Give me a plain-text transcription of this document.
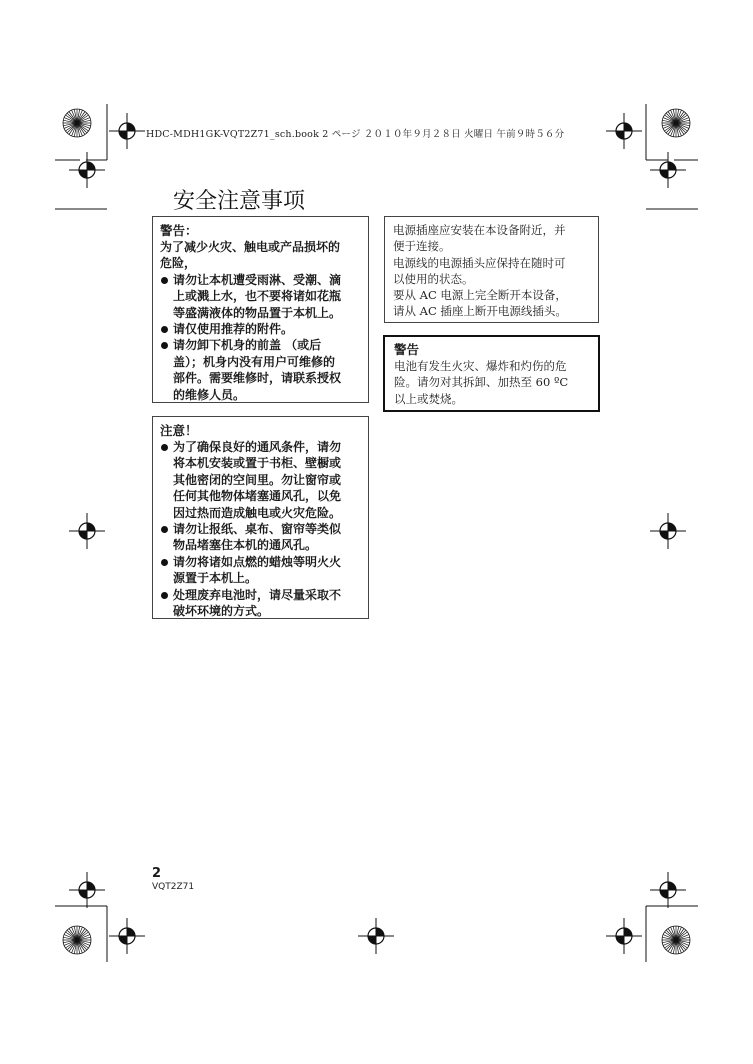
HDC-MDH1GK-VQT2Z71_sch.book 2 ページ ２０１０年９月２８日 火曜日 午前９時５６分
安全注意事项
警告：
为了减少火灾、触电或产品损坏的
危险，
请勿让本机遭受雨淋、受潮、滴
上或溅上水，也不要将诸如花瓶
等盛满液体的物品置于本机上。
请仅使用推荐的附件。
请勿卸下机身的前盖 （或后
盖）；机身内没有用户可维修的
部件。需要维修时，请联系授权
的维修人员。
注意！
为了确保良好的通风条件，请勿
将本机安装或置于书柜、壁橱或
其他密闭的空间里。勿让窗帘或
任何其他物体堵塞通风孔，以免
因过热而造成触电或火灾危险。
请勿让报纸、桌布、窗帘等类似
物品堵塞住本机的通风孔。
请勿将诸如点燃的蜡烛等明火火
源置于本机上。
处理废弃电池时，请尽量采取不
破坏环境的方式。
电源插座应安装在本设备附近，并
便于连接。
电源线的电源插头应保持在随时可
以使用的状态。
要从 AC 电源上完全断开本设备，
请从 AC 插座上断开电源线插头。
警告
电池有发生火灾、爆炸和灼伤的危
险。请勿对其拆卸、加热至 60 ºC
以上或焚烧。
2
VQT2Z71
